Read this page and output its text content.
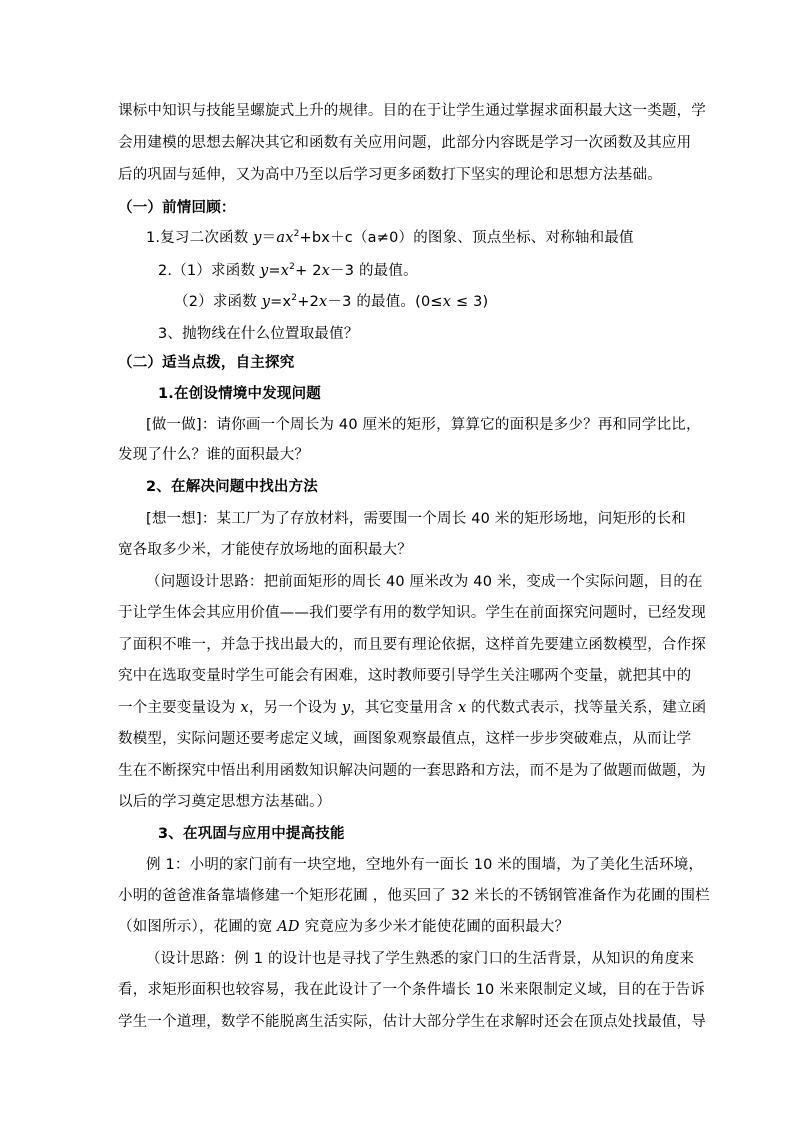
课标中知识与技能呈螺旋式上升的规律。目的在于让学生通过掌握求面积最大这一类题，学
会用建模的思想去解决其它和函数有关应用问题，此部分内容既是学习一次函数及其应用
后的巩固与延伸，又为高中乃至以后学习更多函数打下坚实的理论和思想方法基础。
（一）前情回顾：
1.复习二次函数 $y=ax^2+bx+c(a\ne 0)$的图象、顶点坐标、对称轴和最值
2.（1）求函数 $y=x^2+ 2x-3$ 的最值。
（2）求函数 $y=x^2+2x-3$ 的最值。(0≤x ≤ 3)
3、抛物线在什么位置取最值？
（二）适当点拨，自主探究
1.在创设情境中发现问题
[做一做]：请你画一个周长为 40 厘米的矩形，算算它的面积是多少？再和同学比比，
发现了什么？谁的面积最大？
2、在解决问题中找出方法
[想一想]：某工厂为了存放材料，需要围一个周长 40 米的矩形场地，问矩形的长和
宽各取多少米，才能使存放场地的面积最大？
（问题设计思路：把前面矩形的周长 40 厘米改为 40 米，变成一个实际问题，目的在
于让学生体会其应用价值——我们要学有用的数学知识。学生在前面探究问题时，已经发现
了面积不唯一，并急于找出最大的，而且要有理论依据，这样首先要建立函数模型，合作探
究中在选取变量时学生可能会有困难，这时教师要引导学生关注哪两个变量，就把其中的
一个主要变量设为 x，另一个设为 y，其它变量用含 x 的代数式表示，找等量关系，建立函
数模型，实际问题还要考虑定义域，画图象观察最值点，这样一步步突破难点，从而让学
生在不断探究中悟出利用函数知识解决问题的一套思路和方法，而不是为了做题而做题，为
以后的学习奠定思想方法基础。）
3、在巩固与应用中提高技能
例 1：小明的家门前有一块空地，空地外有一面长 10 米的围墙，为了美化生活环境，
小明的爸爸准备靠墙修建一个矩形花圃 ，他买回了 32 米长的不锈钢管准备作为花圃的围栏
（如图所示），花圃的宽 AD 究竟应为多少米才能使花圃的面积最大？
（设计思路：例 1 的设计也是寻找了学生熟悉的家门口的生活背景，从知识的角度来
看，求矩形面积也较容易，我在此设计了一个条件墙长 10 米来限制定义域，目的在于告诉
学生一个道理，数学不能脱离生活实际，估计大部分学生在求解时还会在顶点处找最值，导
